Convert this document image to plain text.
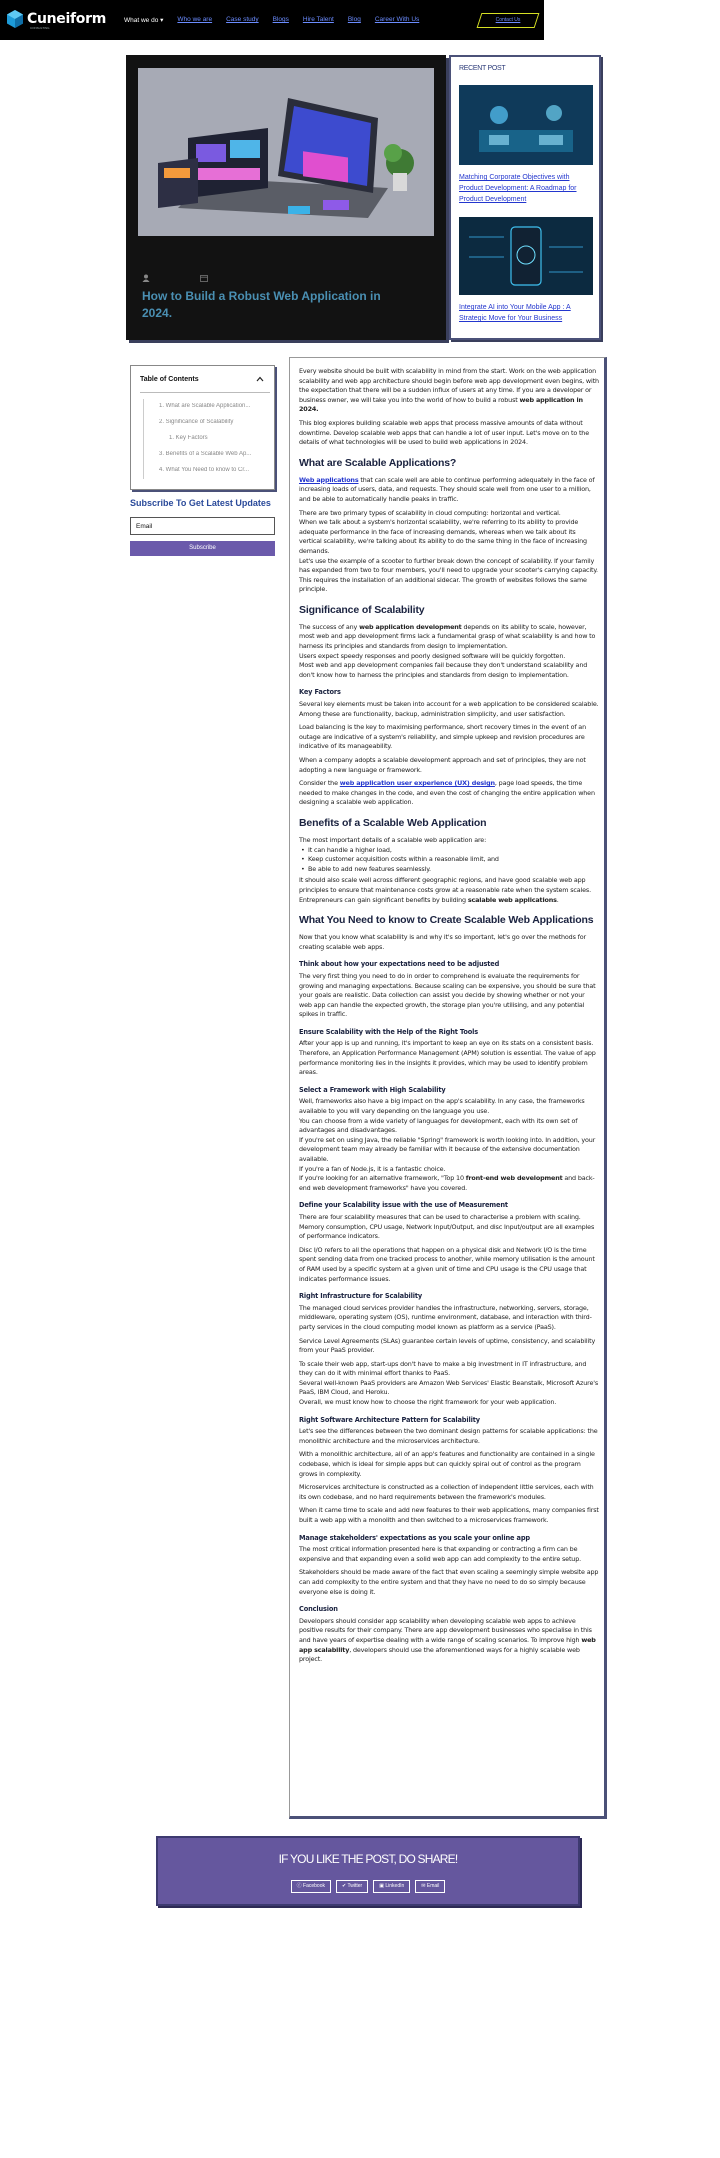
Cuneiform
CONSULTING
What we do ▾ Who we are Case study Blogs Hire Talent Blog Career With Us	Contact Us
How to Build a Robust Web Application in 2024.
RECENT POST
Matching Corporate Objectives with Product Development: A Roadmap for Product Development
Integrate AI into Your Mobile App : A Strategic Move for Your Business
Table of Contents
1. What are Scalable Application...
2. Significance of Scalability
1. Key Factors
3. Benefits of a Scalable Web Ap...
4. What You Need to know to Cr...
Subscribe To Get Latest Updates
Email
Subscribe

Every website should be built with scalability in mind from the start. Work on the web application scalability and web app architecture should begin before web app development even begins, with the expectation that there will be a sudden influx of users at any time. If you are a developer or business owner, we will take you into the world of how to build a robust web application in 2024.

This blog explores building scalable web apps that process massive amounts of data without downtime. Develop scalable web apps that can handle a lot of user input. Let's move on to the details of what technologies will be used to build web applications in 2024.

What are Scalable Applications?

Web applications that can scale well are able to continue performing adequately in the face of increasing loads of users, data, and requests. They should scale well from one user to a million, and be able to automatically handle peaks in traffic.

There are two primary types of scalability in cloud computing: horizontal and vertical.

When we talk about a system's horizontal scalability, we're referring to its ability to provide adequate performance in the face of increasing demands, whereas when we talk about its vertical scalability, we're talking about its ability to do the same thing in the face of increasing demands.

Let's use the example of a scooter to further break down the concept of scalability. If your family has expanded from two to four members, you'll need to upgrade your scooter's carrying capacity. This requires the installation of an additional sidecar. The growth of websites follows the same principle.

Significance of Scalability

The success of any web application development depends on its ability to scale, however, most web and app development firms lack a fundamental grasp of what scalability is and how to harness its principles and standards from design to implementation.

Users expect speedy responses and poorly designed software will be quickly forgotten.

Most web and app development companies fail because they don't understand scalability and don't know how to harness the principles and standards from design to implementation.

Key Factors

Several key elements must be taken into account for a web application to be considered scalable. Among these are functionality, backup, administration simplicity, and user satisfaction.

Load balancing is the key to maximising performance, short recovery times in the event of an outage are indicative of a system's reliability, and simple upkeep and revision procedures are indicative of its manageability.

When a company adopts a scalable development approach and set of principles, they are not adopting a new language or framework.

Consider the web application user experience (UX) design, page load speeds, the time needed to make changes in the code, and even the cost of changing the entire application when designing a scalable web application.

Benefits of a Scalable Web Application

The most important details of a scalable web application are:

• It can handle a higher load,
• Keep customer acquisition costs within a reasonable limit, and
• Be able to add new features seamlessly.

It should also scale well across different geographic regions, and have good scalable web app principles to ensure that maintenance costs grow at a reasonable rate when the system scales.

Entrepreneurs can gain significant benefits by building scalable web applications.

What You Need to know to Create Scalable Web Applications

Now that you know what scalability is and why it's so important, let's go over the methods for creating scalable web apps.

Think about how your expectations need to be adjusted

The very first thing you need to do in order to comprehend is evaluate the requirements for growing and managing expectations. Because scaling can be expensive, you should be sure that your goals are realistic. Data collection can assist you decide by showing whether or not your web app can handle the expected growth, the storage plan you're utilising, and any potential spikes in traffic.

Ensure Scalability with the Help of the Right Tools

After your app is up and running, it's important to keep an eye on its stats on a consistent basis. Therefore, an Application Performance Management (APM) solution is essential. The value of app performance monitoring lies in the insights it provides, which may be used to identify problem areas.

Select a Framework with High Scalability

Well, frameworks also have a big impact on the app's scalability. In any case, the frameworks available to you will vary depending on the language you use.

You can choose from a wide variety of languages for development, each with its own set of advantages and disadvantages.

If you're set on using Java, the reliable "Spring" framework is worth looking into. In addition, your development team may already be familiar with it because of the extensive documentation available.

If you're a fan of Node.js, it is a fantastic choice.

If you're looking for an alternative framework, "Top 10 front-end web development and back-end web development frameworks" have you covered.

Define your Scalability issue with the use of Measurement

There are four scalability measures that can be used to characterise a problem with scaling. Memory consumption, CPU usage, Network Input/Output, and disc Input/output are all examples of performance indicators.

Disc I/O refers to all the operations that happen on a physical disk and Network I/O is the time spent sending data from one tracked process to another, while memory utilisation is the amount of RAM used by a specific system at a given unit of time and CPU usage is the CPU usage that indicates performance issues.

Right Infrastructure for Scalability

The managed cloud services provider handles the infrastructure, networking, servers, storage, middleware, operating system (OS), runtime environment, database, and interaction with third-party services in the cloud computing model known as platform as a service (PaaS).

Service Level Agreements (SLAs) guarantee certain levels of uptime, consistency, and scalability from your PaaS provider.

To scale their web app, start-ups don't have to make a big investment in IT infrastructure, and they can do it with minimal effort thanks to PaaS.

Several well-known PaaS providers are Amazon Web Services' Elastic Beanstalk, Microsoft Azure's PaaS, IBM Cloud, and Heroku.

Overall, we must know how to choose the right framework for your web application.

Right Software Architecture Pattern for Scalability

Let's see the differences between the two dominant design patterns for scalable applications: the monolithic architecture and the microservices architecture.

With a monolithic architecture, all of an app's features and functionality are contained in a single codebase, which is ideal for simple apps but can quickly spiral out of control as the program grows in complexity.

Microservices architecture is constructed as a collection of independent little services, each with its own codebase, and no hard requirements between the framework's modules.

When it came time to scale and add new features to their web applications, many companies first built a web app with a monolith and then switched to a microservices framework.

Manage stakeholders' expectations as you scale your online app

The most critical information presented here is that expanding or contracting a firm can be expensive and that expanding even a solid web app can add complexity to the entire setup.

Stakeholders should be made aware of the fact that even scaling a seemingly simple website app can add complexity to the entire system and that they have no need to do so simply because everyone else is doing it.

Conclusion

Developers should consider app scalability when developing scalable web apps to achieve positive results for their company. There are app development businesses who specialise in this and have years of expertise dealing with a wide range of scaling scenarios. To improve high web app scalability, developers should use the aforementioned ways for a highly scalable web project.

IF YOU LIKE THE POST, DO SHARE!
ⓕ Facebook	✔ Twitter	▣ LinkedIn	✉ Email
